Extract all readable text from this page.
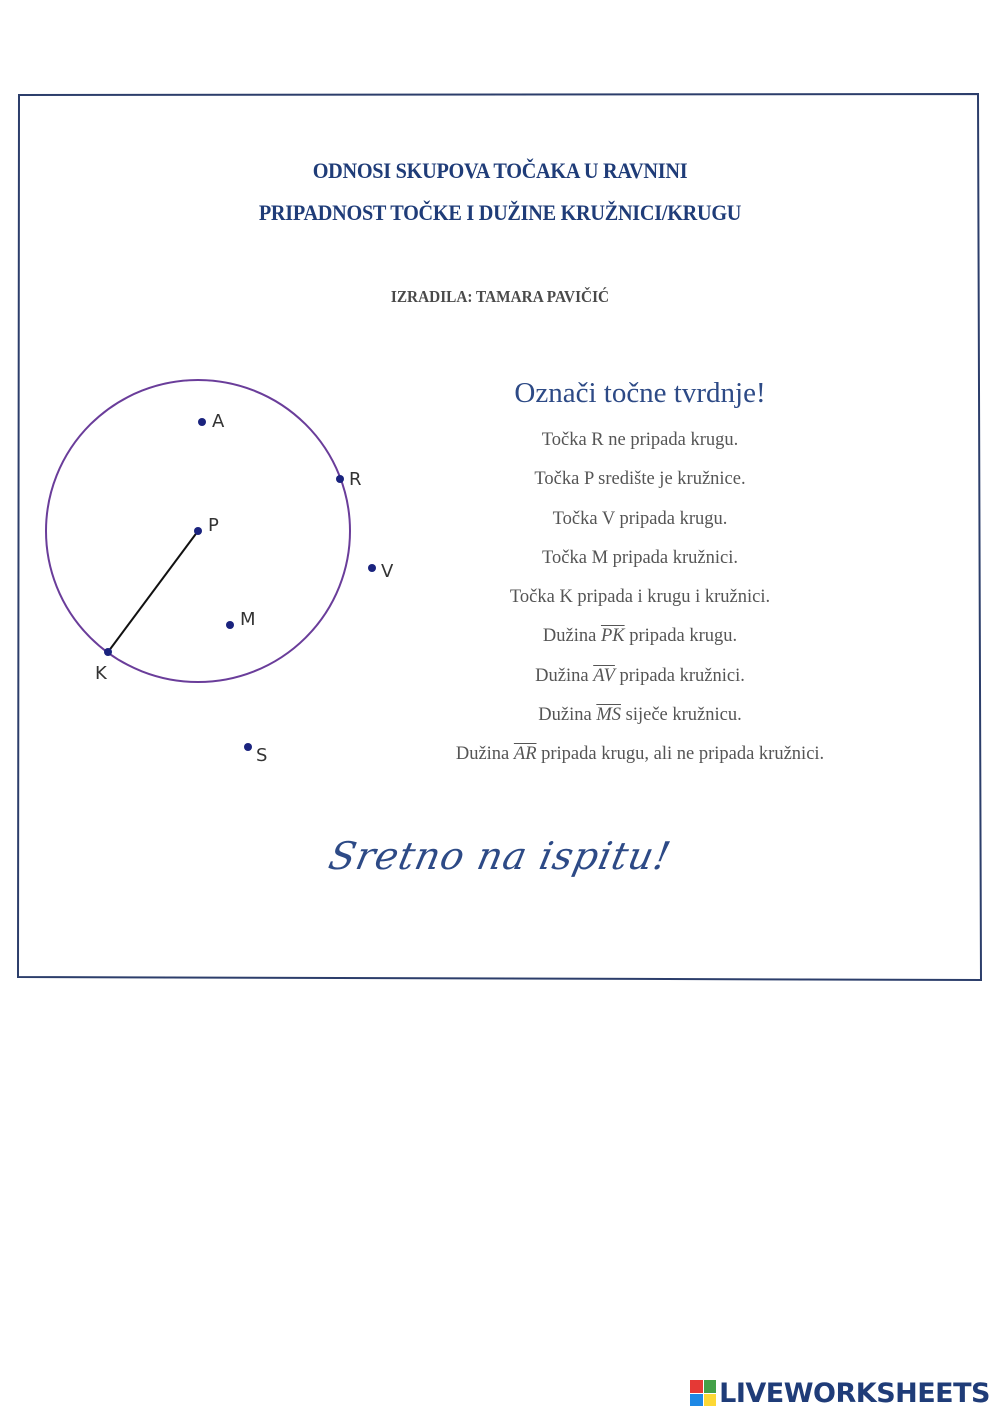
ODNOSI SKUPOVA TOČAKA U RAVNINI
PRIPADNOST TOČKE I DUŽINE KRUŽNICI/KRUGU
IZRADILA: TAMARA PAVIČIĆ
A
R
P
V
M
K
S
Označi točne tvrdnje!
Točka R ne pripada krugu.
Točka P središte je kružnice.
Točka V pripada krugu.
Točka M pripada kružnici.
Točka K pripada i krugu i kružnici.
Dužina $\overline{PK}$ pripada krugu.
Dužina $\overline{AV}$ pripada kružnici.
Dužina $\overline{MS}$ siječe kružnicu.
Dužina $\overline{AR}$ pripada krugu, ali ne pripada kružnici.
Sretno na ispitu!
LIVEWORKSHEETS
